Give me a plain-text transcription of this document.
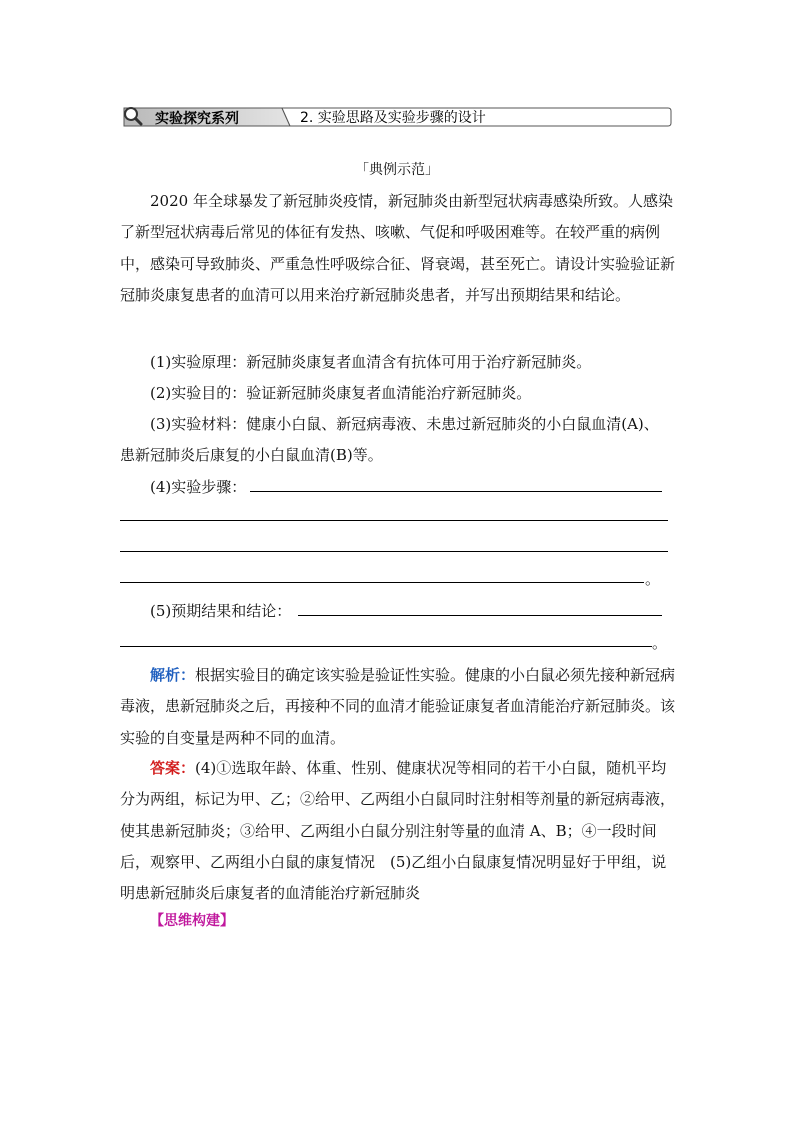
实验探究系列	2. 实验思路及实验步骤的设计
「典例示范」

2020 年全球暴发了新冠肺炎疫情，新冠肺炎由新型冠状病毒感染所致。人感染了新型冠状病毒后常见的体征有发热、咳嗽、气促和呼吸困难等。在较严重的病例中，感染可导致肺炎、严重急性呼吸综合征、肾衰竭，甚至死亡。请设计实验验证新冠肺炎康复患者的血清可以用来治疗新冠肺炎患者，并写出预期结果和结论。

(1)实验原理：新冠肺炎康复者血清含有抗体可用于治疗新冠肺炎。
(2)实验目的：验证新冠肺炎康复者血清能治疗新冠肺炎。
(3)实验材料：健康小白鼠、新冠病毒液、未患过新冠肺炎的小白鼠血清(A)、
患新冠肺炎后康复的小白鼠血清(B)等。
(4)实验步骤：
。
(5)预期结果和结论：
。

解析：根据实验目的确定该实验是验证性实验。健康的小白鼠必须先接种新冠病毒液，患新冠肺炎之后，再接种不同的血清才能验证康复者血清能治疗新冠肺炎。该实验的自变量是两种不同的血清。

答案：(4)①选取年龄、体重、性别、健康状况等相同的若干小白鼠，随机平均分为两组，标记为甲、乙；②给甲、乙两组小白鼠同时注射相等剂量的新冠病毒液，使其患新冠肺炎；③给甲、乙两组小白鼠分别注射等量的血清 A、B；④一段时间后，观察甲、乙两组小白鼠的康复情况　(5)乙组小白鼠康复情况明显好于甲组，说明患新冠肺炎后康复者的血清能治疗新冠肺炎

【思维构建】
